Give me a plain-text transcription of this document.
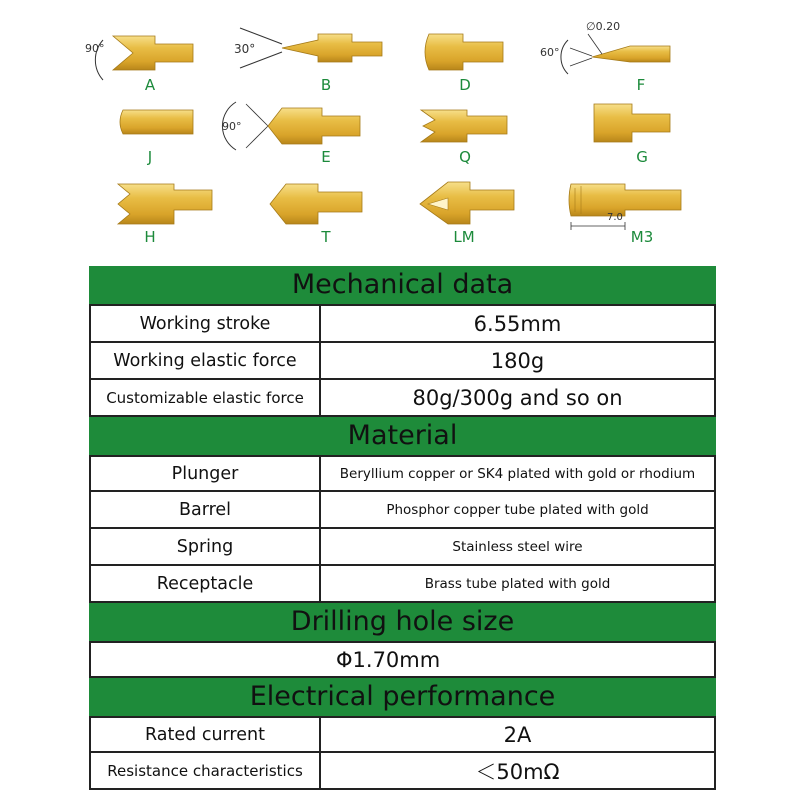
90°
A
30°
B	D
60°
∅0.20
F
J
90°
E	Q	G
H	T	LM
7.0
M3
Mechanical data
Working stroke	6.55mm
Working elastic force	180g
Customizable elastic force	80g/300g and so on
Material
Plunger	Beryllium copper or SK4 plated with gold or rhodium
Barrel	Phosphor copper tube plated with gold
Spring	Stainless steel wire
Receptacle	Brass tube plated with gold
Drilling hole size
Φ1.70mm
Electrical performance
Rated current	2A
Resistance characteristics	＜50mΩ
